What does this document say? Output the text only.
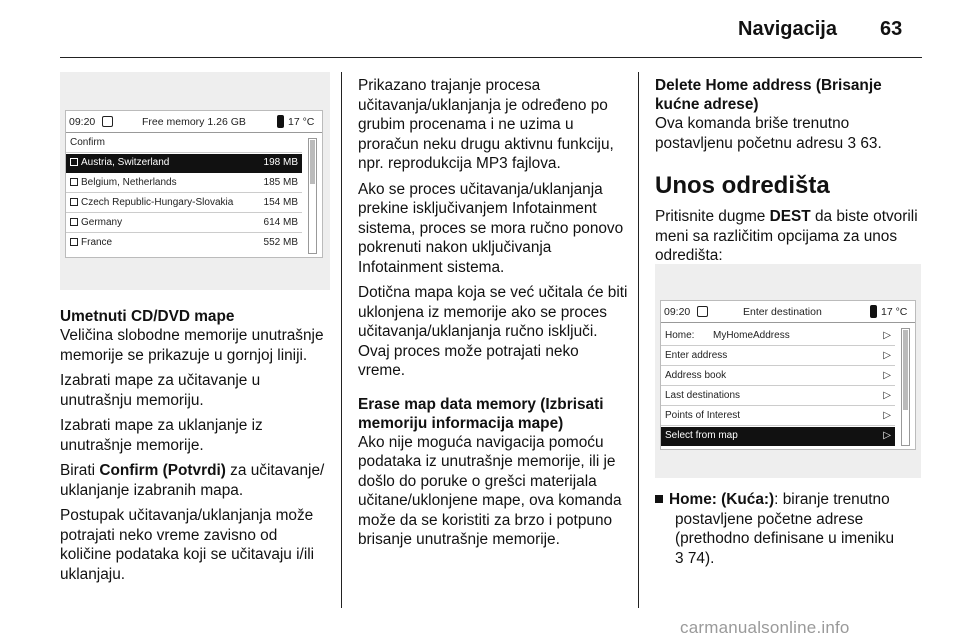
Navigacija 63
09:20	Free memory 1.26 GB	17 °C
Confirm
Austria, Switzerland	198 MB
Belgium, Netherlands	185 MB
Czech Republic-Hungary-Slovakia	154 MB
Germany	614 MB
France	552 MB
Umetnuti CD/DVD mape

Veličina slobodne memorije unutrašnje memorije se prikazuje u gornjoj liniji.

Izabrati mape za učitavanje u unutrašnju memoriju.

Izabrati mape za uklanjanje iz unutrašnje memorije.

Birati Confirm (Potvrdi) za učitavanje/ uklanjanje izabranih mapa.

Postupak učitavanja/uklanjanja može potrajati neko vreme zavisno od količine podataka koji se učitavaju i/ili uklanjaju.

Prikazano trajanje procesa učitavanja/uklanjanja je određeno po grubim procenama i ne uzima u proračun neku drugu aktivnu funkciju, npr. reprodukcija MP3 fajlova.

Ako se proces učitavanja/uklanjanja prekine isključivanjem Infotainment sistema, proces se mora ručno ponovo pokrenuti nakon uključivanja Infotainment sistema.

Dotična mapa koja se već učitala će biti uklonjena iz memorije ako se proces učitavanja/uklanjanja ručno isključi. Ovaj proces može potrajati neko vreme.

Erase map data memory (Izbrisati memoriju informacija mape)

Ako nije moguća navigacija pomoću podataka iz unutrašnje memorije, ili je došlo do poruke o grešci materijala učitane/uklonjene mape, ova komanda može da se koristiti za brzo i potpuno brisanje unutrašnje memorije.

Delete Home address (Brisanje kućne adrese)

Ova komanda briše trenutno postavljenu početnu adresu 3 63.

Unos odredišta

Pritisnite dugme DEST da biste otvorili meni sa različitim opcijama za unos odredišta:

09:20	Enter destination	17 °C
Home: MyHomeAddress	▷
Enter address	▷
Address book	▷
Last destinations	▷
Points of Interest	▷
Select from map	▷

Home: (Kuća:): biranje trenutno postavljene početne adrese (prethodno definisane u imeniku
3 74).

carmanualsonline.info
